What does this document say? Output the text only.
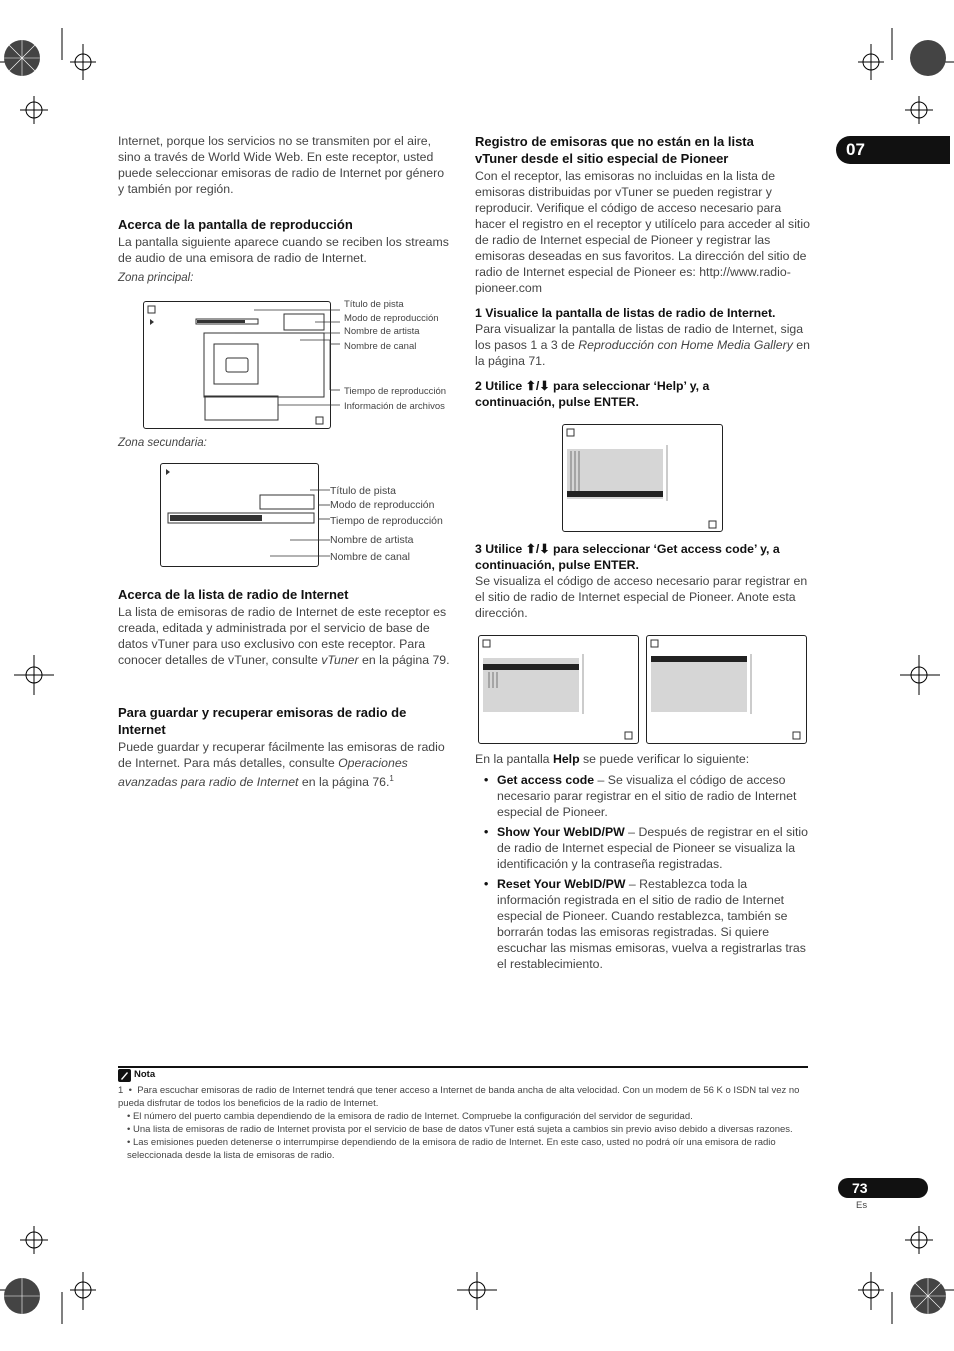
07

Internet, porque los servicios no se transmiten por el aire, sino a través de World Wide Web. En este receptor, usted puede seleccionar emisoras de radio de Internet por género y también por región.

Acerca de la pantalla de reproducción

La pantalla siguiente aparece cuando se reciben los streams de audio de una emisora de radio de Internet.

Zona principal:

Título de pista
Modo de reproducción
Nombre de artista
Nombre de canal
Tiempo de reproducción
Información de archivos

Zona secundaria:

Título de pista
Modo de reproducción
Tiempo de reproducción
Nombre de artista
Nombre de canal

Acerca de la lista de radio de Internet

La lista de emisoras de radio de Internet de este receptor es creada, editada y administrada por el servicio de base de datos vTuner para uso exclusivo con este receptor. Para conocer detalles de vTuner, consulte vTuner en la página 79.

Para guardar y recuperar emisoras de radio de Internet

Puede guardar y recuperar fácilmente las emisoras de radio de Internet. Para más detalles, consulte Operaciones avanzadas para radio de Internet en la página 76.$^1$

Registro de emisoras que no están en la lista vTuner desde el sitio especial de Pioneer

Con el receptor, las emisoras no incluidas en la lista de emisoras distribuidas por vTuner se pueden registrar y reproducir. Verifique el código de acceso necesario para hacer el registro en el receptor y utilícelo para acceder al sitio de radio de Internet especial de Pioneer y registrar las emisoras deseadas en sus favoritos. La dirección del sitio de radio de Internet especial de Pioneer es: http://www.radio-pioneer.com

1 Visualice la pantalla de listas de radio de Internet.

Para visualizar la pantalla de listas de radio de Internet, siga los pasos 1 a 3 de Reproducción con Home Media Gallery en la página 71.

2 Utilice ⬆/⬇ para seleccionar ‘Help’ y, a continuación, pulse ENTER.
3 Utilice ⬆/⬇ para seleccionar ‘Get access code’ y, a continuación, pulse ENTER.

Se visualiza el código de acceso necesario parar registrar en el sitio de radio de Internet especial de Pioneer. Anote esta dirección.

En la pantalla Help se puede verificar lo siguiente:

• Get access code – Se visualiza el código de acceso necesario parar registrar en el sitio de radio de Internet especial de Pioneer.
• Show Your WebID/PW – Después de registrar en el sitio de radio de Internet especial de Pioneer se visualiza la identificación y la contraseña registradas.
• Reset Your WebID/PW – Restablezca toda la información registrada en el sitio de radio de Internet especial de Pioneer. Cuando restablezca, también se borrarán todas las emisoras registradas. Si quiere escuchar las mismas emisoras, vuelva a registrarlas tras el restablecimiento.
Nota
1  •  Para escuchar emisoras de radio de Internet tendrá que tener acceso a Internet de banda ancha de alta velocidad. Con un modem de 56 K o ISDN tal vez no pueda disfrutar de todos los beneficios de la radio de Internet.
• El número del puerto cambia dependiendo de la emisora de radio de Internet. Compruebe la configuración del servidor de seguridad.
• Una lista de emisoras de radio de Internet provista por el servicio de base de datos vTuner está sujeta a cambios sin previo aviso debido a diversas razones.
• Las emisiones pueden detenerse o interrumpirse dependiendo de la emisora de radio de Internet. En este caso, usted no podrá oír una emisora de radio seleccionada desde la lista de emisoras de radio.
73
Es
